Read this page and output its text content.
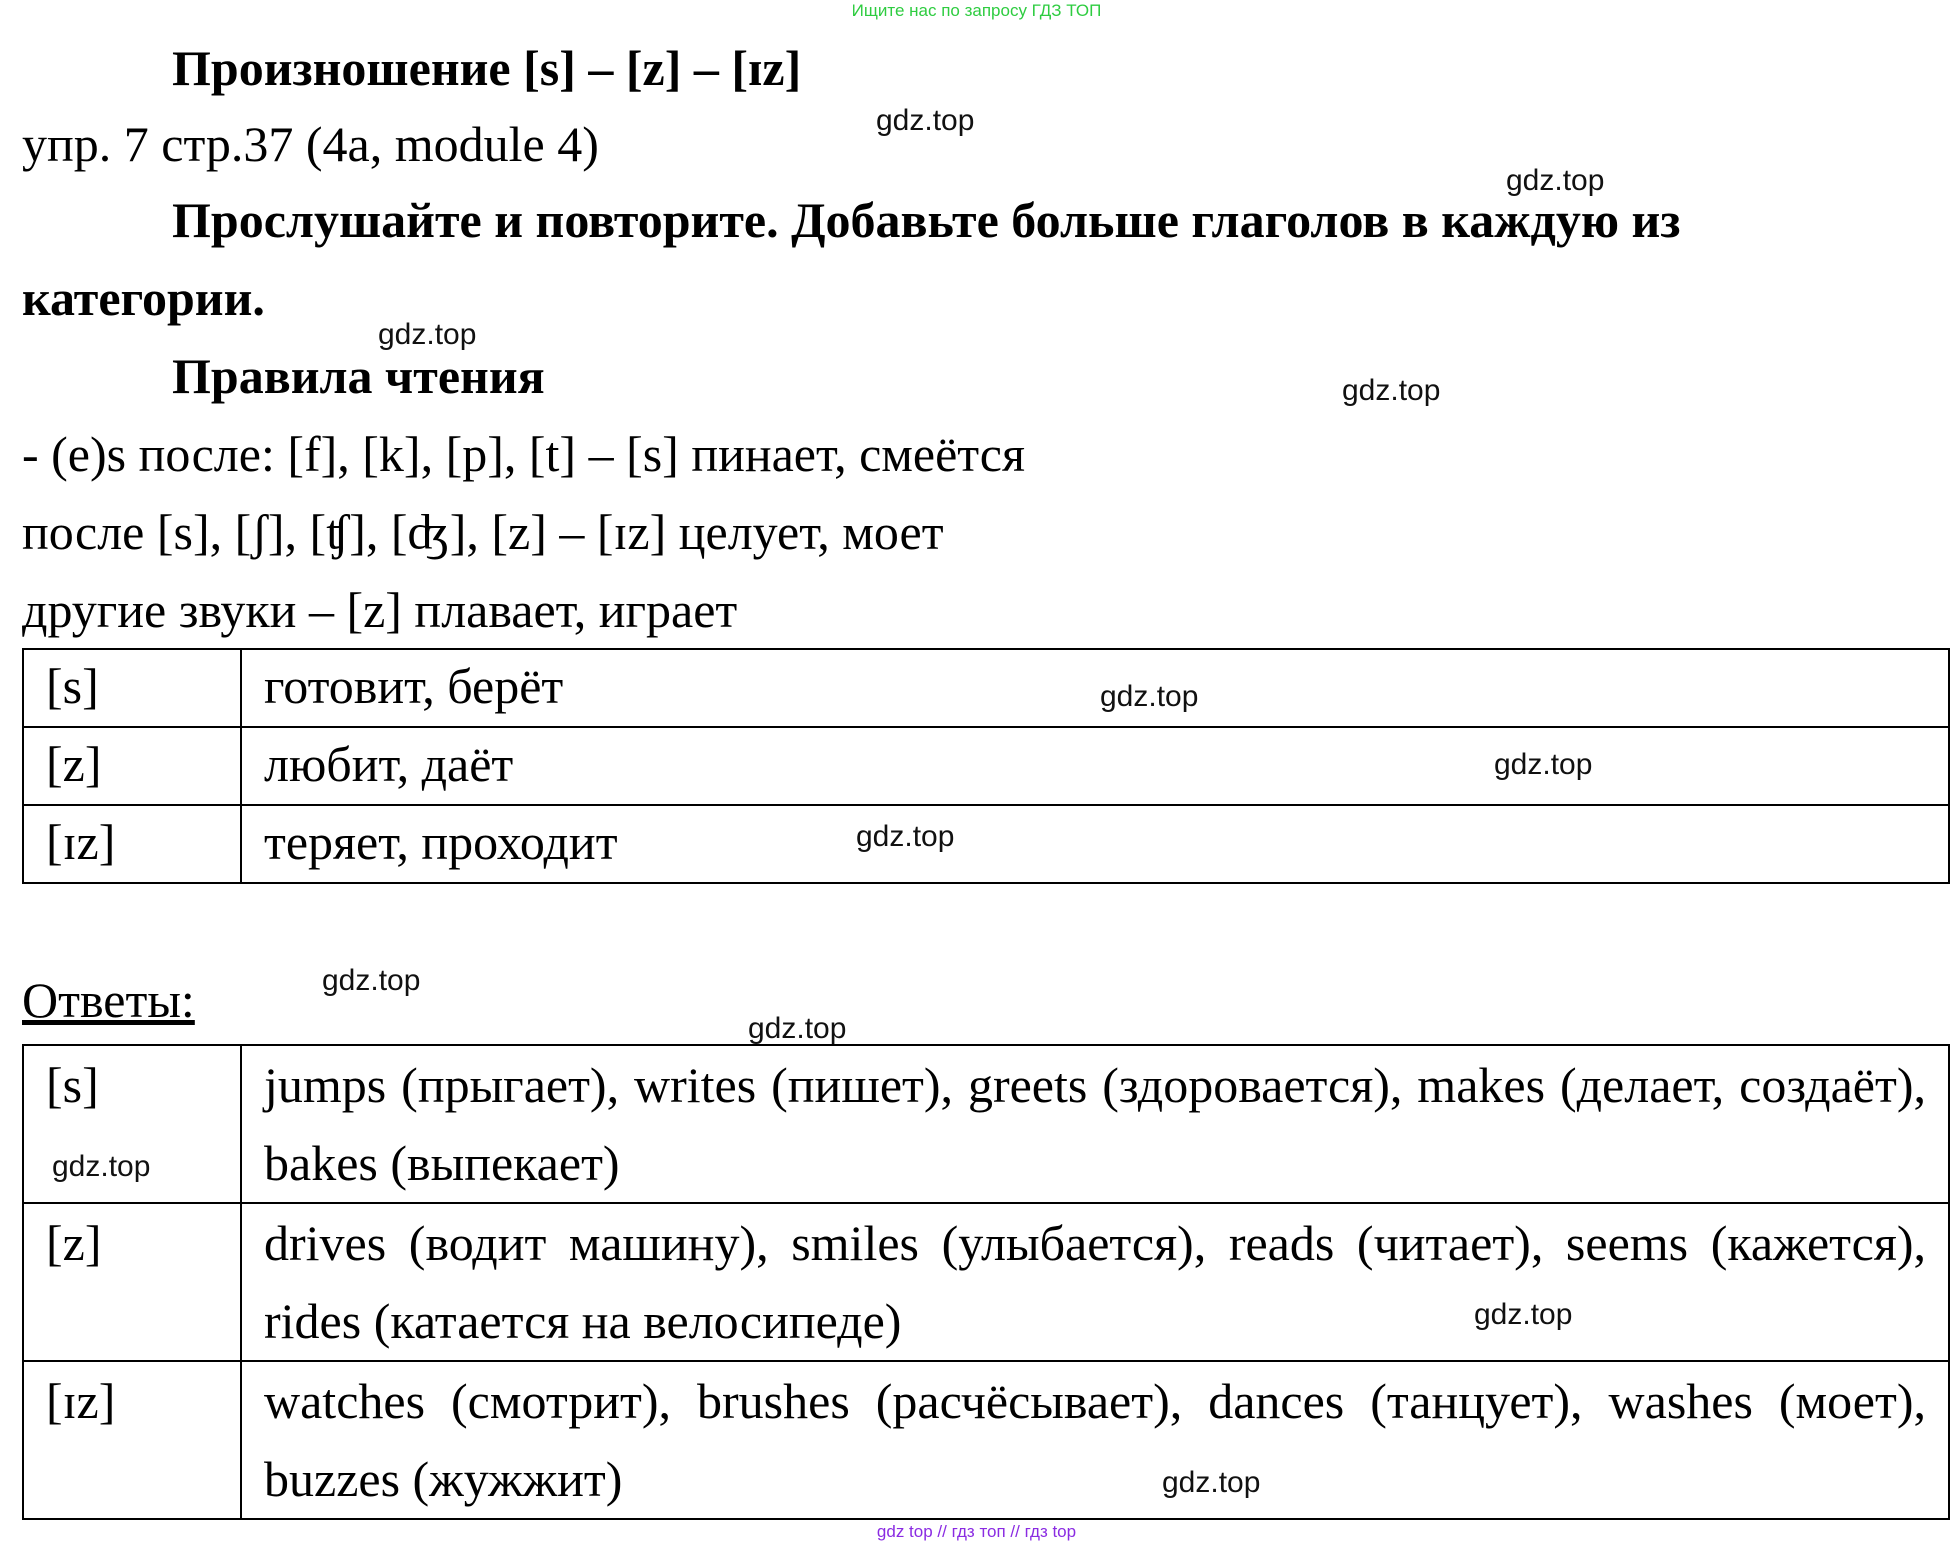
Ищите нас по запросу ГДЗ ТОП
Произношение [s] – [z] – [ɪz]
упр. 7 стр.37 (4a, module 4)
Прослушайте и повторите. Добавьте больше глаголов в каждую из
категории.
Правила чтения
- (e)s после: [f], [k], [p], [t] – [s] пинает, смеётся
после [s], [ʃ], [ʧ], [ʤ], [z] – [ɪz] целует, моет
другие звуки – [z] плавает, играет
[s]	готовит, берёт
[z]	любит, даёт
[ɪz]	теряет, проходит
Ответы:
[s]	jumps (прыгает), writes (пишет), greets (здоровается), makes (делает, создаёт), bakes (выпекает)
[z]	drives (водит машину), smiles (улыбается), reads (читает), seems (кажется), rides (катается на велосипеде)
[ɪz]	watches (смотрит), brushes (расчёсывает), dances (танцует), washes (моет), buzzes (жужжит)
gdz.top
gdz.top
gdz.top
gdz.top
gdz.top
gdz.top
gdz.top
gdz.top
gdz.top
gdz.top
gdz.top
gdz.top
gdz top // гдз топ // гдз top
